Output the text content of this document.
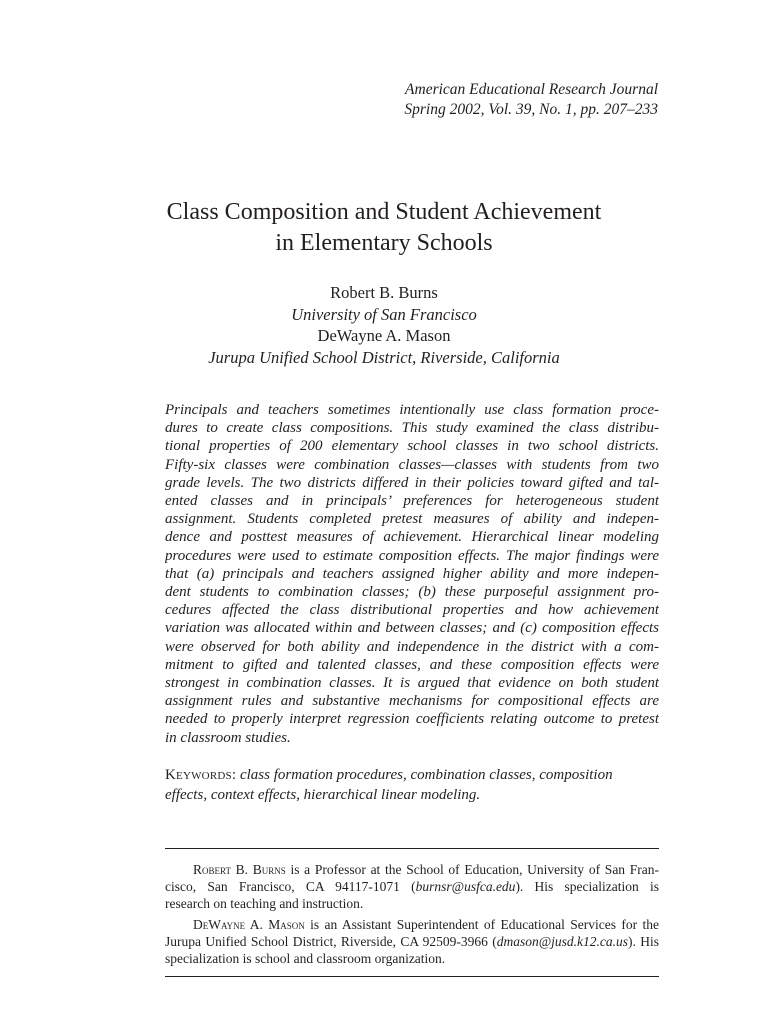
American Educational Research Journal
Spring 2002, Vol. 39, No. 1, pp. 207–233
Class Composition and Student Achievement
in Elementary Schools
Robert B. Burns
University of San Francisco
DeWayne A. Mason
Jurupa Unified School District, Riverside, California
Principals and teachers sometimes intentionally use class formation proce-
dures to create class compositions. This study examined the class distribu-
tional properties of 200 elementary school classes in two school districts.
Fifty-six classes were combination classes—classes with students from two
grade levels. The two districts differed in their policies toward gifted and tal-
ented classes and in principals’ preferences for heterogeneous student
assignment. Students completed pretest measures of ability and indepen-
dence and posttest measures of achievement. Hierarchical linear modeling
procedures were used to estimate composition effects. The major findings were
that (a) principals and teachers assigned higher ability and more indepen-
dent students to combination classes; (b) these purposeful assignment pro-
cedures affected the class distributional properties and how achievement
variation was allocated within and between classes; and (c) composition effects
were observed for both ability and independence in the district with a com-
mitment to gifted and talented classes, and these composition effects were
strongest in combination classes. It is argued that evidence on both student
assignment rules and substantive mechanisms for compositional effects are
needed to properly interpret regression coefficients relating outcome to pretest
in classroom studies.
Keywords: class formation procedures, combination classes, composition
effects, context effects, hierarchical linear modeling.
Robert B. Burns is a Professor at the School of Education, University of San Fran-
cisco, San Francisco, CA 94117-1071 (burnsr@usfca.edu). His specialization is
research on teaching and instruction.
DeWayne A. Mason is an Assistant Superintendent of Educational Services for the
Jurupa Unified School District, Riverside, CA 92509-3966 (dmason@jusd.k12.ca.us). His
specialization is school and classroom organization.
